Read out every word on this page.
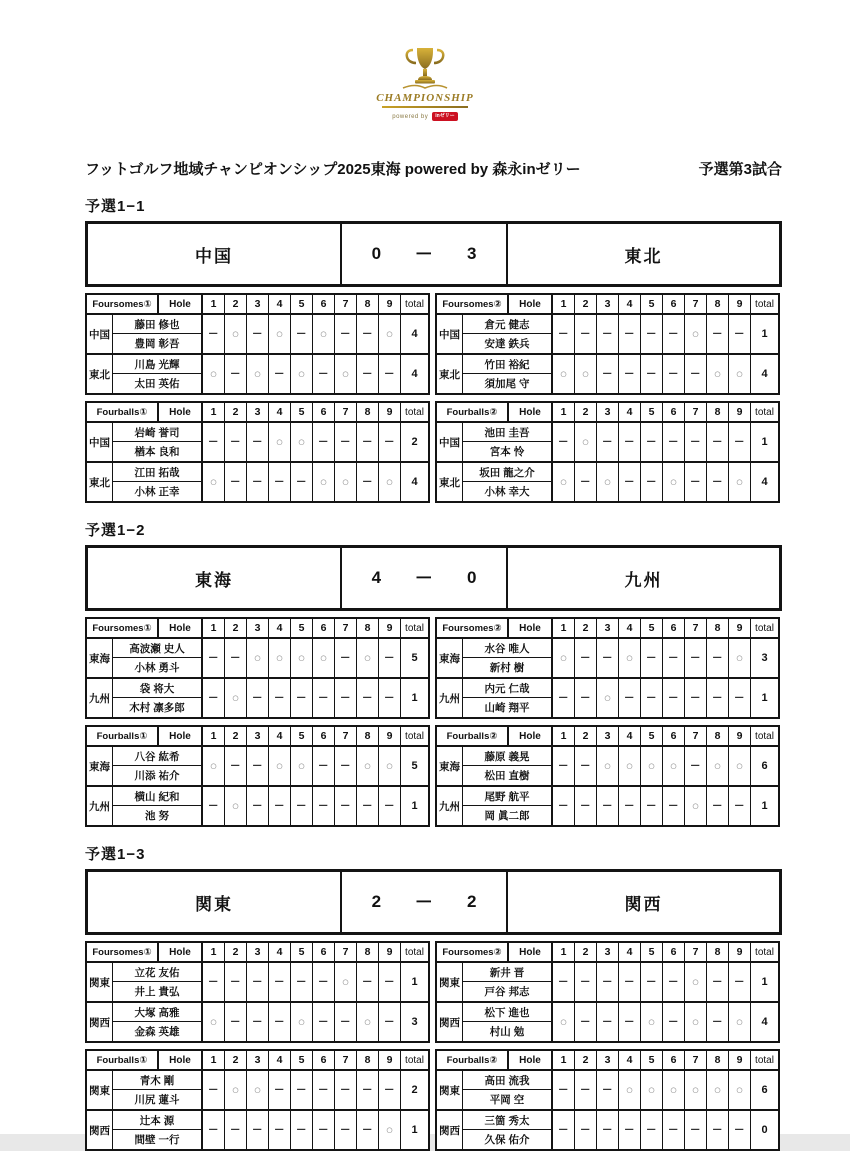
CHAMPIONSHIP
powered by	inゼリー
フットゴルフ地域チャンピオンシップ2025東海 powered by 森永inゼリー	予選第3試合
予選1−1
中国	0 − 3	東北
Foursomes①	Hole	1	2	3	4	5	6	7	8	9	total
中国
藤田 修也
豊岡 彰吾
− ○ − ○ − ○ − − ○	4
東北
川島 光輝
太田 英佑
○ − ○ − ○ − ○ − −	4
Foursomes②	Hole	1	2	3	4	5	6	7	8	9	total
中国
倉元 健志
安達 鉄兵
− − − − − − ○ − −	1
東北
竹田 裕紀
須加尾 守
○ ○ − − − − − ○ ○	4
Fourballs①	Hole	1	2	3	4	5	6	7	8	9	total
中国
岩崎 誉司
楢本 良和
− − − ○ ○ − − − −	2
東北
江田 拓哉
小林 正幸
○ − − − − ○ ○ − ○	4
Fourballs②	Hole	1	2	3	4	5	6	7	8	9	total
中国
池田 圭吾
宮本 怜
− ○ − − − − − − −	1
東北
坂田 龍之介
小林 幸大
○ − ○ − − ○ − − ○	4
予選1−2
東海	4 − 0	九州
Foursomes①	Hole	1	2	3	4	5	6	7	8	9	total
東海
高波瀬 史人
小林 勇斗
− − ○ ○ ○ ○ − ○ −	5
九州
袋 将大
木村 凛多郎
− ○ − − − − − − −	1
Foursomes②	Hole	1	2	3	4	5	6	7	8	9	total
東海
水谷 唯人
新村 樹
○ − − ○ − − − − ○	3
九州
内元 仁哉
山崎 翔平
− − ○ − − − − − −	1
Fourballs①	Hole	1	2	3	4	5	6	7	8	9	total
東海
八谷 紘希
川添 祐介
○ − − ○ ○ − − ○ ○	5
九州
横山 紀和
池 努
− ○ − − − − − − −	1
Fourballs②	Hole	1	2	3	4	5	6	7	8	9	total
東海
藤原 義晃
松田 直樹
− − ○ ○ ○ ○ − ○ ○	6
九州
尾野 航平
岡 眞二郎
− − − − − − ○ − −	1
予選1−3
関東	2 − 2	関西
Foursomes①	Hole	1	2	3	4	5	6	7	8	9	total
関東
立花 友佑
井上 貴弘
− − − − − − ○ − −	1
関西
大塚 高雅
金森 英雄
○ − − − ○ − − ○ −	3
Foursomes②	Hole	1	2	3	4	5	6	7	8	9	total
関東
新井 晋
戸谷 邦志
− − − − − − ○ − −	1
関西
松下 進也
村山 勉
○ − − − ○ − ○ − ○	4
Fourballs①	Hole	1	2	3	4	5	6	7	8	9	total
関東
青木 剛
川尻 蓮斗
− ○ ○ − − − − − −	2
関西
辻本 源
間壁 一行
− − − − − − − − ○	1
Fourballs②	Hole	1	2	3	4	5	6	7	8	9	total
関東
高田 流我
平岡 空
− − − ○ ○ ○ ○ ○ ○	6
関西
三箇 秀太
久保 佑介
− − − − − − − − −	0
